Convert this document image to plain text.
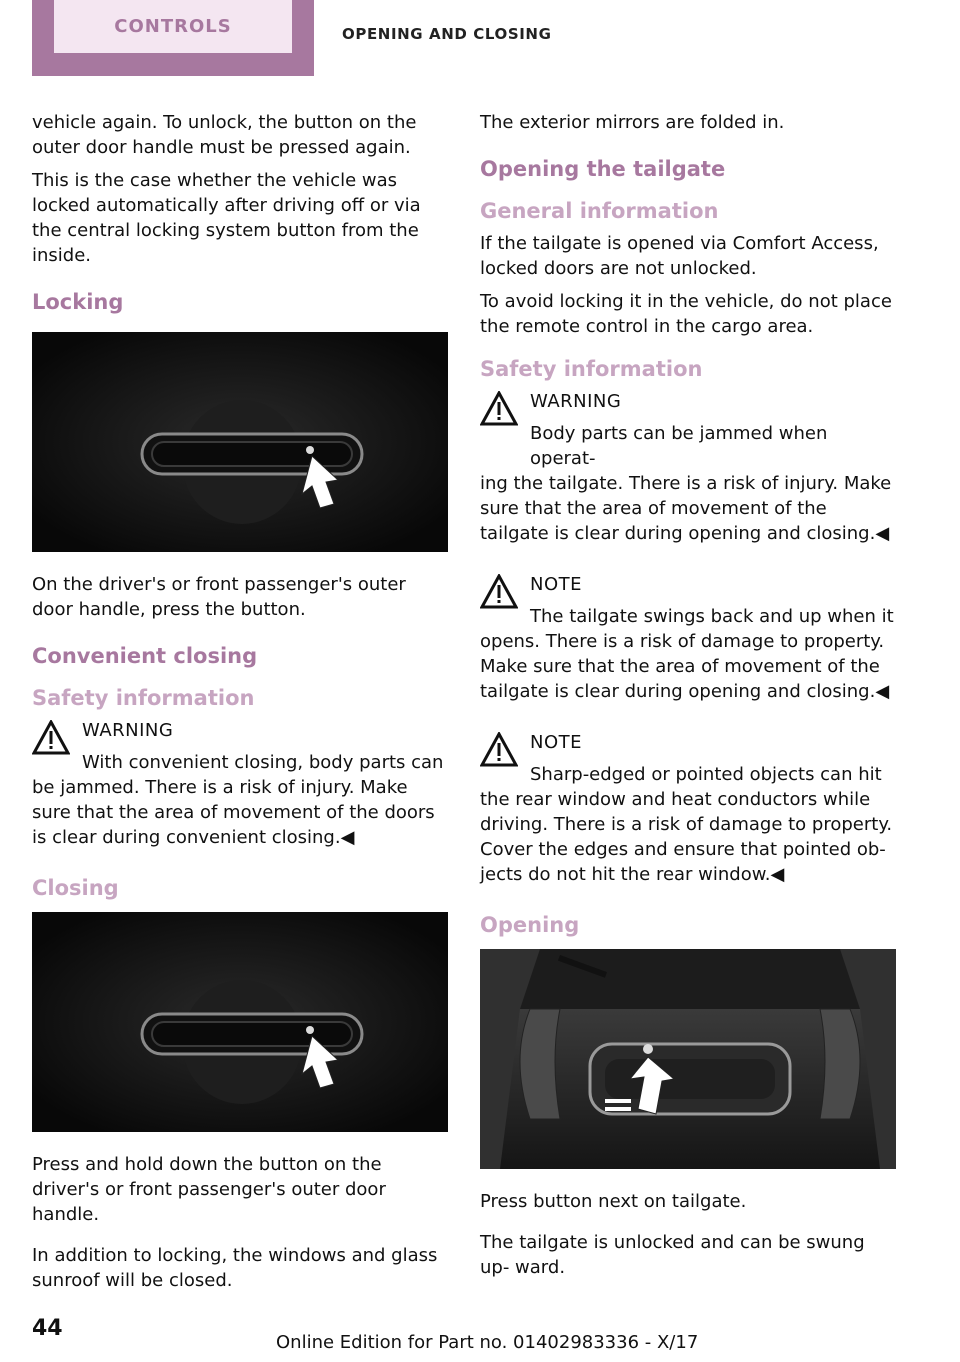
CONTROLS	OPENING AND CLOSING

vehicle again. To unlock, the button on the outer door handle must be pressed again.

This is the case whether the vehicle was locked automatically after driving off or via the central locking system button from the inside.

Locking

On the driver's or front passenger's outer door handle, press the button.

Convenient closing
Safety information
WARNING
With convenient closing, body parts can

be jammed. There is a risk of injury. Make sure that the area of movement of the doors is clear during convenient closing.◀

Closing

Press and hold down the button on the driver's or front passenger's outer door handle.

In addition to locking, the windows and glass sunroof will be closed.

The exterior mirrors are folded in.

Opening the tailgate
General information

If the tailgate is opened via Comfort Access, locked doors are not unlocked.

To avoid locking it in the vehicle, do not place the remote control in the cargo area.

Safety information
WARNING
Body parts can be jammed when operat‐

ing the tailgate. There is a risk of injury. Make sure that the area of movement of the tailgate is clear during opening and closing.◀

NOTE
The tailgate swings back and up when it

opens. There is a risk of damage to property. Make sure that the area of movement of the tailgate is clear during opening and closing.◀

NOTE
Sharp-edged or pointed objects can hit

the rear window and heat conductors while driving. There is a risk of damage to property. Cover the edges and ensure that pointed ob‐ jects do not hit the rear window.◀

Opening

Press button next on tailgate.

The tailgate is unlocked and can be swung up‐ ward.

44
Online Edition for Part no. 01402983336 - X/17
